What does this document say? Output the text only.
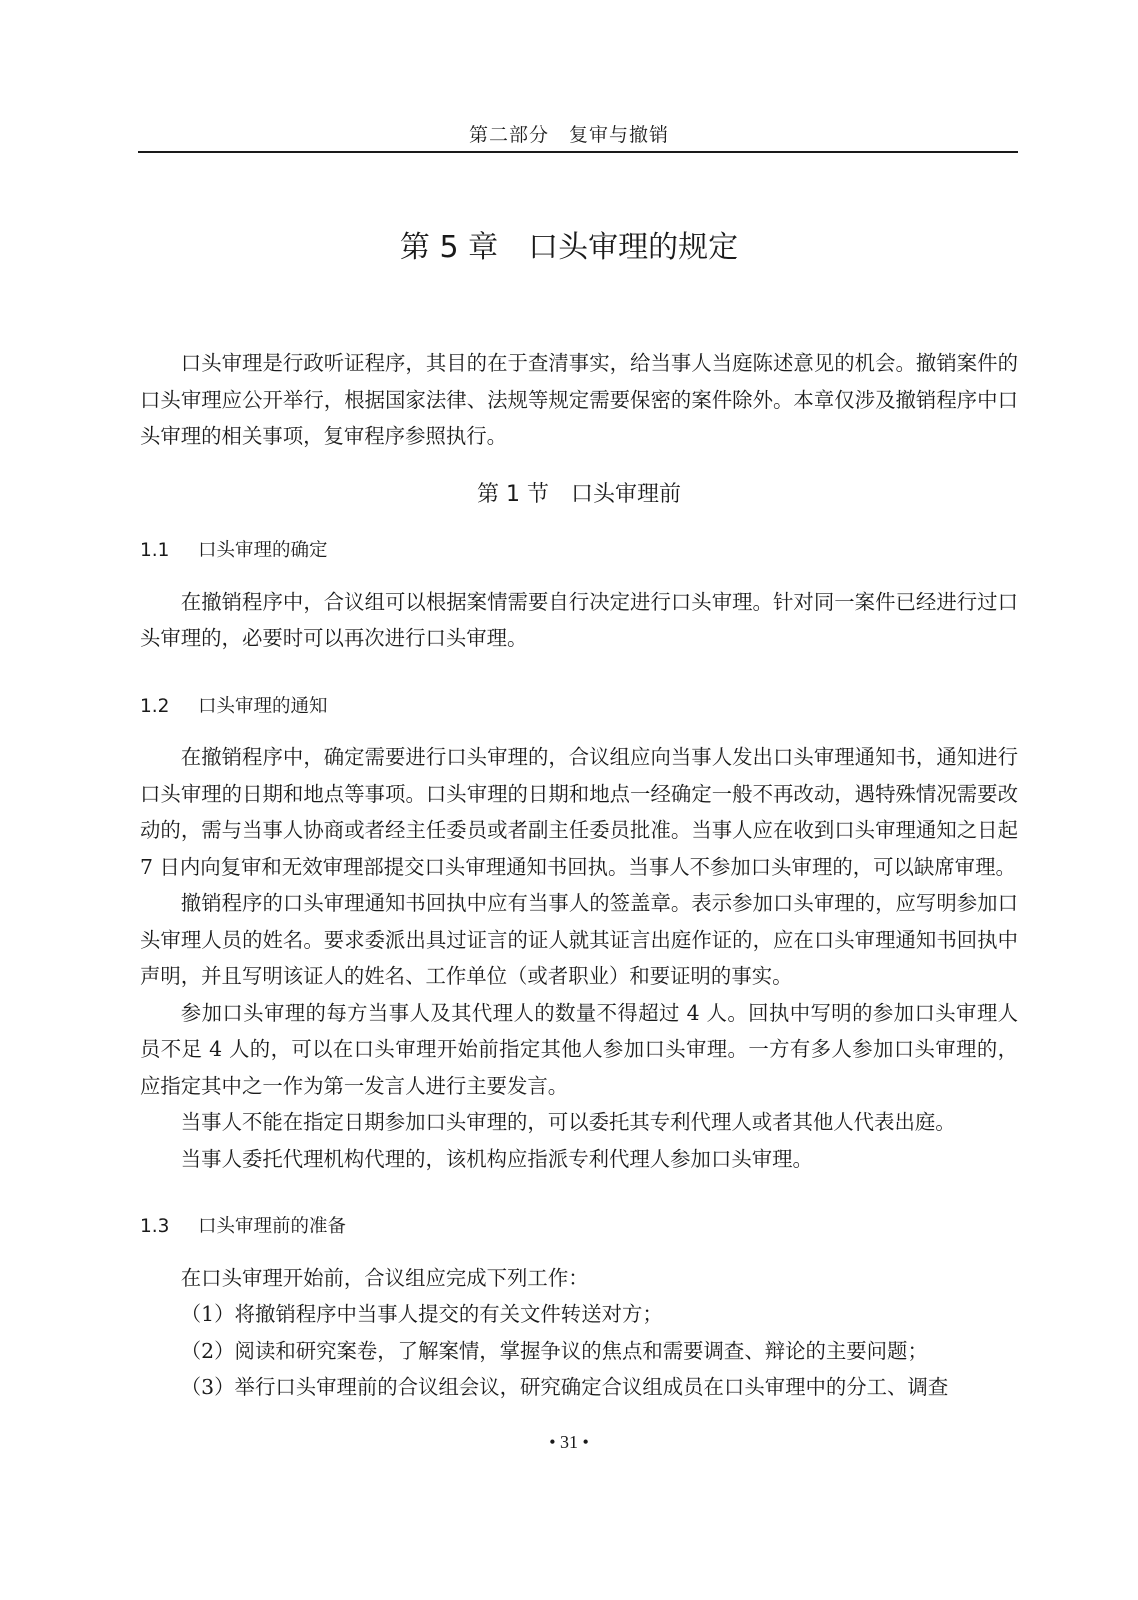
第二部分　复审与撤销
第 5 章　口头审理的规定

口头审理是行政听证程序，其目的在于查清事实，给当事人当庭陈述意见的机会。撤销案件的口头审理应公开举行，根据国家法律、法规等规定需要保密的案件除外。本章仅涉及撤销程序中口头审理的相关事项，复审程序参照执行。

第 1 节　口头审理前
1.1 口头审理的确定

在撤销程序中，合议组可以根据案情需要自行决定进行口头审理。针对同一案件已经进行过口头审理的，必要时可以再次进行口头审理。

1.2 口头审理的通知

在撤销程序中，确定需要进行口头审理的，合议组应向当事人发出口头审理通知书，通知进行口头审理的日期和地点等事项。口头审理的日期和地点一经确定一般不再改动，遇特殊情况需要改动的，需与当事人协商或者经主任委员或者副主任委员批准。当事人应在收到口头审理通知之日起 7 日内向复审和无效审理部提交口头审理通知书回执。当事人不参加口头审理的，可以缺席审理。

撤销程序的口头审理通知书回执中应有当事人的签盖章。表示参加口头审理的，应写明参加口头审理人员的姓名。要求委派出具过证言的证人就其证言出庭作证的，应在口头审理通知书回执中声明，并且写明该证人的姓名、工作单位（或者职业）和要证明的事实。

参加口头审理的每方当事人及其代理人的数量不得超过 4 人。回执中写明的参加口头审理人员不足 4 人的，可以在口头审理开始前指定其他人参加口头审理。一方有多人参加口头审理的，应指定其中之一作为第一发言人进行主要发言。

当事人不能在指定日期参加口头审理的，可以委托其专利代理人或者其他人代表出庭。

当事人委托代理机构代理的，该机构应指派专利代理人参加口头审理。

1.3 口头审理前的准备

在口头审理开始前，合议组应完成下列工作：

（1）将撤销程序中当事人提交的有关文件转送对方；

（2）阅读和研究案卷，了解案情，掌握争议的焦点和需要调查、辩论的主要问题；

（3）举行口头审理前的合议组会议，研究确定合议组成员在口头审理中的分工、调查

• 31 •
